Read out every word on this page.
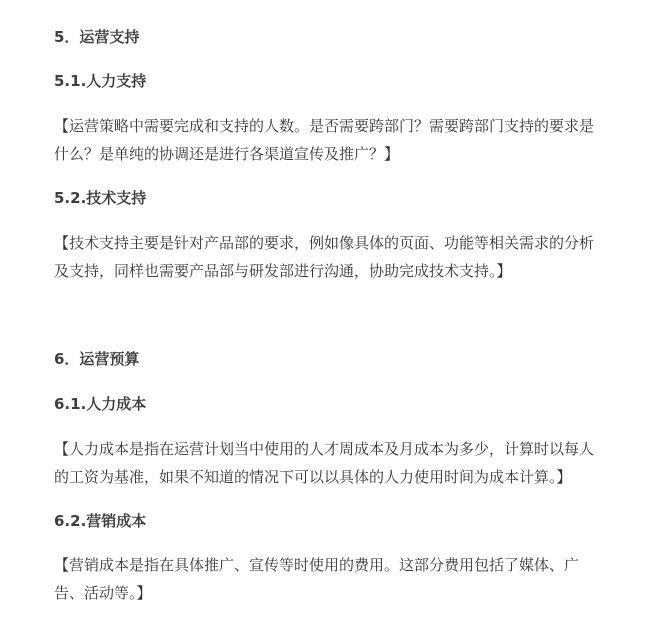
5．运营支持
5.1.人力支持

【运营策略中需要完成和支持的人数。是否需要跨部门？需要跨部门支持的要求是什么？是单纯的协调还是进行各渠道宣传及推广？】

5.2.技术支持

【技术支持主要是针对产品部的要求，例如像具体的页面、功能等相关需求的分析及支持，同样也需要产品部与研发部进行沟通，协助完成技术支持。】

6．运营预算
6.1.人力成本

【人力成本是指在运营计划当中使用的人才周成本及月成本为多少，计算时以每人的工资为基准，如果不知道的情况下可以以具体的人力使用时间为成本计算。】

6.2.营销成本

【营销成本是指在具体推广、宣传等时使用的费用。这部分费用包括了媒体、广告、活动等。】
